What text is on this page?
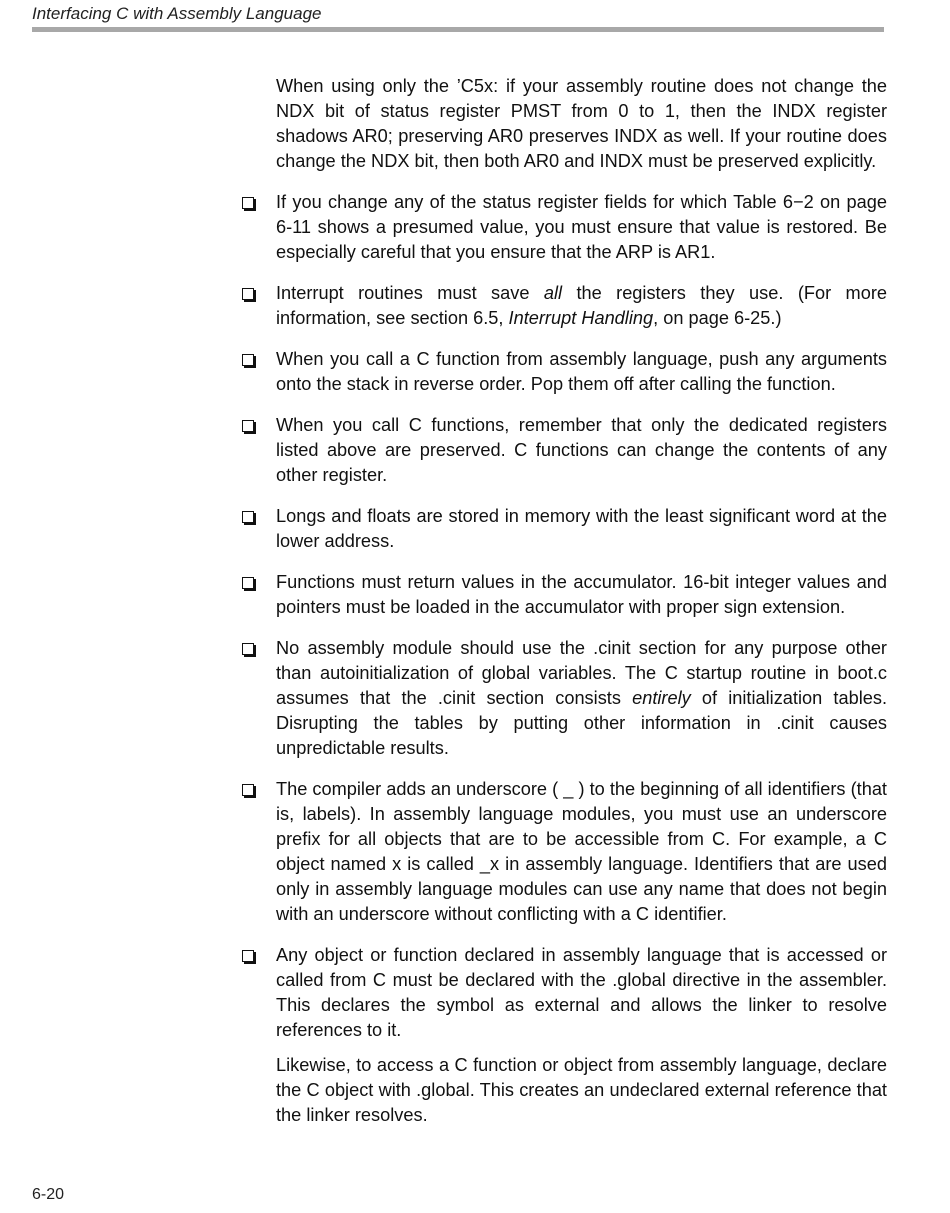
Interfacing C with Assembly Language

When using only the ’C5x: if your assembly routine does not change the NDX bit of status register PMST from 0 to 1, then the INDX register shadows AR0; preserving AR0 preserves INDX as well. If your routine does change the NDX bit, then both AR0 and INDX must be preserved explicitly.

If you change any of the status register fields for which Table 6−2 on page 6-11 shows a presumed value, you must ensure that value is restored. Be especially careful that you ensure that the ARP is AR1.

Interrupt routines must save all the registers they use. (For more information, see section 6.5, Interrupt Handling, on page 6-25.)

When you call a C function from assembly language, push any arguments onto the stack in reverse order. Pop them off after calling the function.

When you call C functions, remember that only the dedicated registers listed above are preserved. C functions can change the contents of any other register.

Longs and floats are stored in memory with the least significant word at the lower address.

Functions must return values in the accumulator. 16-bit integer values and pointers must be loaded in the accumulator with proper sign extension.

No assembly module should use the .cinit section for any purpose other than autoinitialization of global variables. The C startup routine in boot.c assumes that the .cinit section consists entirely of initialization tables. Disrupting the tables by putting other information in .cinit causes unpredictable results.

The compiler adds an underscore ( _ ) to the beginning of all identifiers (that is, labels). In assembly language modules, you must use an underscore prefix for all objects that are to be accessible from C. For example, a C object named x is called _x in assembly language. Identifiers that are used only in assembly language modules can use any name that does not begin with an underscore without conflicting with a C identifier.

Any object or function declared in assembly language that is accessed or called from C must be declared with the .global directive in the assembler. This declares the symbol as external and allows the linker to resolve references to it.

Likewise, to access a C function or object from assembly language, declare the C object with .global. This creates an undeclared external reference that the linker resolves.

6-20
